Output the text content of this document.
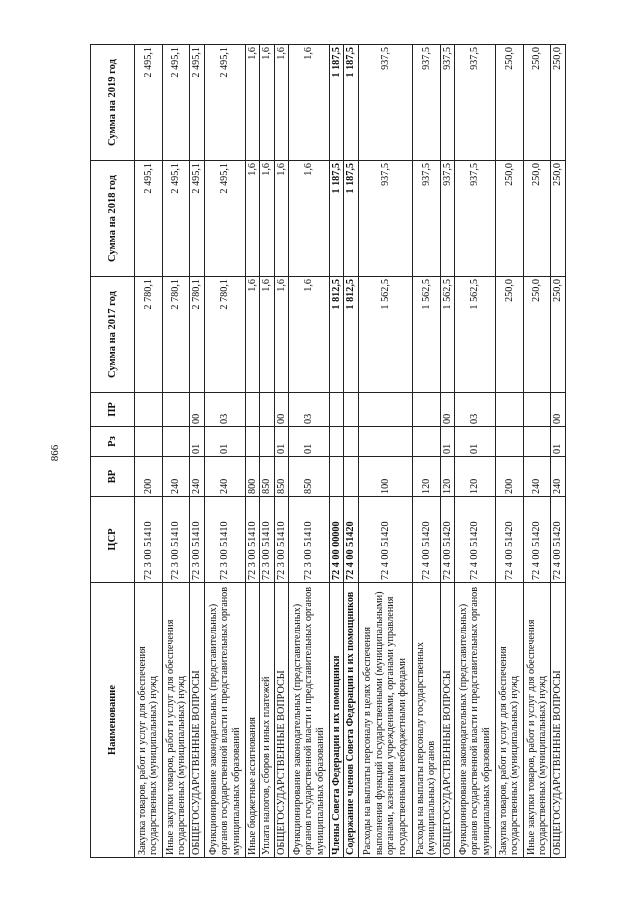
866
Наименование	ЦСР	ВР	Рз	ПР	Сумма на 2017 год	Сумма на 2018 год	Сумма на 2019 год
Закупка товаров, работ и услуг для обеспечения государственных (муниципальных) нужд	72 3 00 51410	200			2 780,1	2 495,1	2 495,1
Иные закупки товаров, работ и услуг для обеспечения государственных (муниципальных) нужд	72 3 00 51410	240			2 780,1	2 495,1	2 495,1
ОБЩЕГОСУДАРСТВЕННЫЕ ВОПРОСЫ	72 3 00 51410	240	01	00	2 780,1	2 495,1	2 495,1
Функционирование законодательных (представительных) органов государственной власти и представительных органов муниципальных образований	72 3 00 51410	240	01	03	2 780,1	2 495,1	2 495,1
Иные бюджетные ассигнования	72 3 00 51410	800			1,6	1,6	1,6
Уплата налогов, сборов и иных платежей	72 3 00 51410	850			1,6	1,6	1,6
ОБЩЕГОСУДАРСТВЕННЫЕ ВОПРОСЫ	72 3 00 51410	850	01	00	1,6	1,6	1,6
Функционирование законодательных (представительных) органов государственной власти и представительных органов муниципальных образований	72 3 00 51410	850	01	03	1,6	1,6	1,6
Члены Совета Федерации и их помощники	72 4 00 00000				1 812,5	1 187,5	1 187,5
Содержание членов Совета Федерации и их помощников	72 4 00 51420				1 812,5	1 187,5	1 187,5
Расходы на выплаты персоналу в целях обеспечения выполнения функций государственными (муниципальными) органами, казенными учреждениями, органами управления государственными внебюджетными фондами	72 4 00 51420	100			1 562,5	937,5	937,5
Расходы на выплаты персоналу государственных (муниципальных) органов	72 4 00 51420	120			1 562,5	937,5	937,5
ОБЩЕГОСУДАРСТВЕННЫЕ ВОПРОСЫ	72 4 00 51420	120	01	00	1 562,5	937,5	937,5
Функционирование законодательных (представительных) органов государственной власти и представительных органов муниципальных образований	72 4 00 51420	120	01	03	1 562,5	937,5	937,5
Закупка товаров, работ и услуг для обеспечения государственных (муниципальных) нужд	72 4 00 51420	200			250,0	250,0	250,0
Иные закупки товаров, работ и услуг для обеспечения государственных (муниципальных) нужд	72 4 00 51420	240			250,0	250,0	250,0
ОБЩЕГОСУДАРСТВЕННЫЕ ВОПРОСЫ	72 4 00 51420	240	01	00	250,0	250,0	250,0
